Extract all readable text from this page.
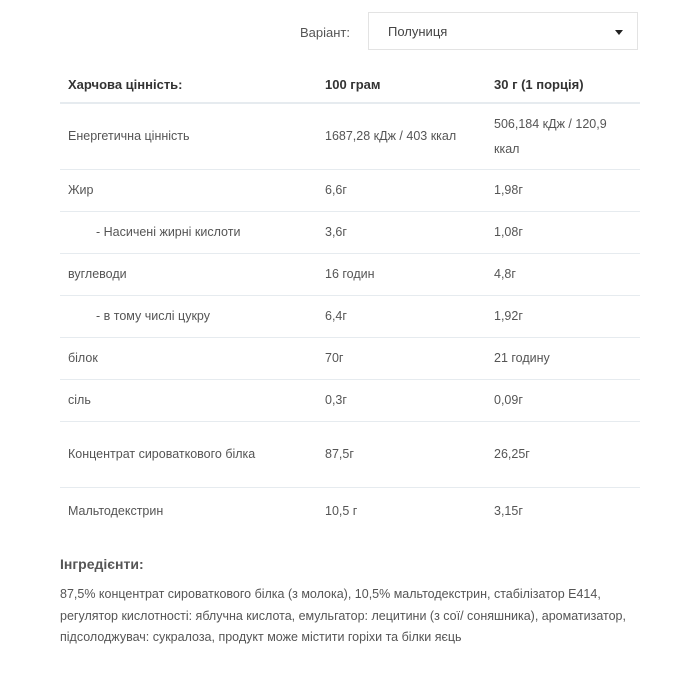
Варіант:	Полуниця
Харчова цінність:	100 грам	30 г (1 порція)
Енергетична цінність	1687,28 кДж / 403 ккал	506,184 кДж / 120,9 ккал
Жир	6,6г	1,98г
- Насичені жирні кислоти	3,6г	1,08г
вуглеводи	16 годин	4,8г
- в тому числі цукру	6,4г	1,92г
білок	70г	21 годину
сіль	0,3г	0,09г
Концентрат сироваткового білка	87,5г	26,25г
Мальтодекстрин	10,5 г	3,15г
Інгредієнти:

87,5% концентрат сироваткового білка (з молока), 10,5% мальтодекстрин, стабілізатор Е414, регулятор кислотності: яблучна кислота, емульгатор: лецитини (з сої/ соняшника), ароматизатор, підсолоджувач: сукралоза, продукт може містити горіхи та білки яєць
